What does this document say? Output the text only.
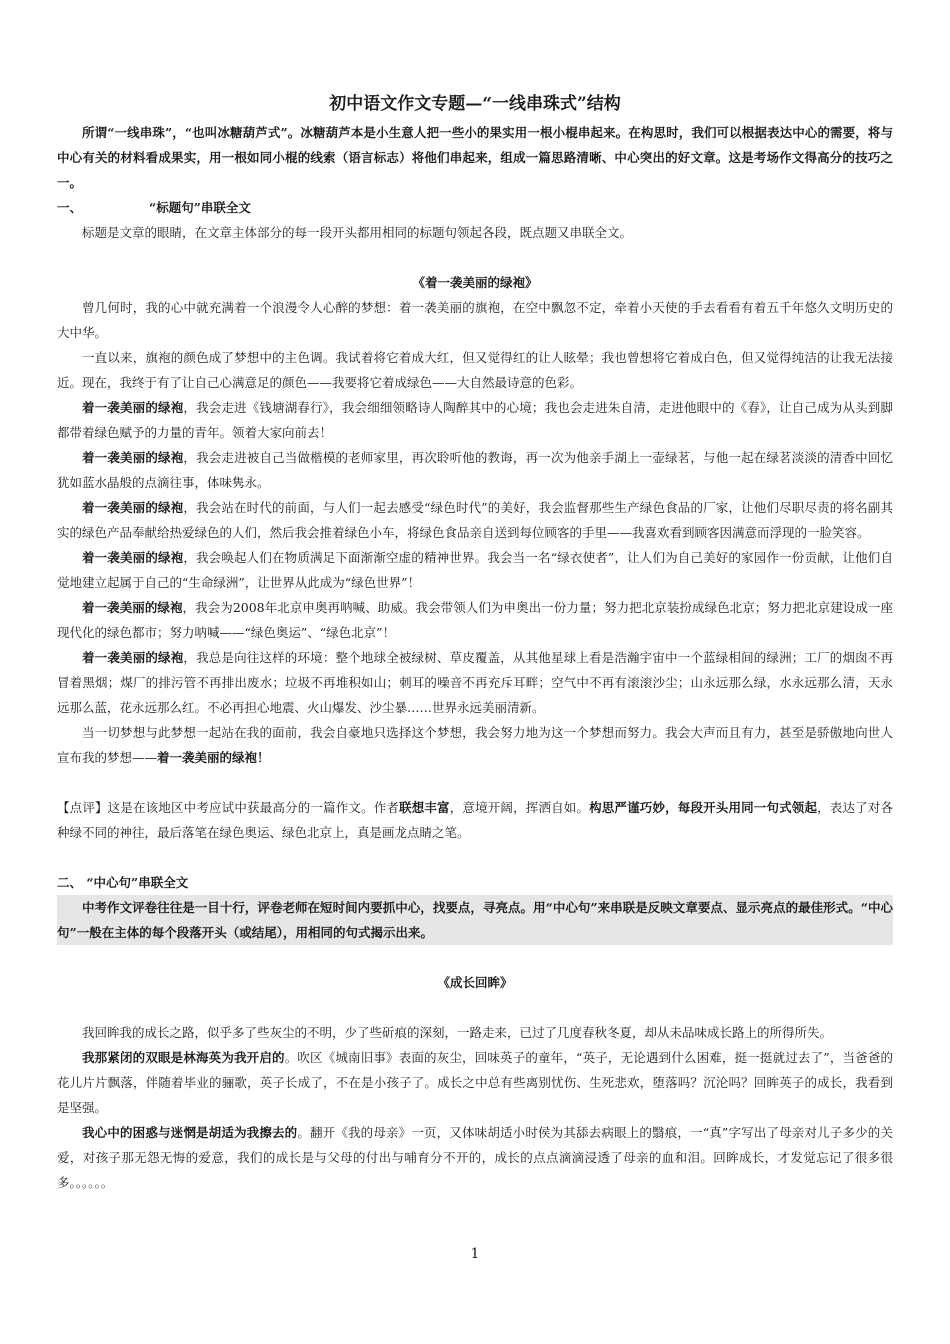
初中语文作文专题—“一线串珠式”结构

所谓“一线串珠”，“也叫冰糖葫芦式”。冰糖葫芦本是小生意人把一些小的果实用一根小棍串起来。在构思时，我们可以根据表达中心的需要，将与中心有关的材料看成果实，用一根如同小棍的线索（语言标志）将他们串起来，组成一篇思路清晰、中心突出的好文章。这是考场作文得高分的技巧之一。

一、	“标题句”串联全文

标题是文章的眼睛，在文章主体部分的每一段开头都用相同的标题句领起各段，既点题又串联全文。

《着一袭美丽的绿袍》

曾几何时，我的心中就充满着一个浪漫令人心醉的梦想：着一袭美丽的旗袍，在空中飘忽不定，牵着小天使的手去看看有着五千年悠久文明历史的大中华。

一直以来，旗袍的颜色成了梦想中的主色调。我试着将它着成大红，但又觉得红的让人眩晕；我也曾想将它着成白色，但又觉得纯洁的让我无法接近。现在，我终于有了让自己心满意足的颜色——我要将它着成绿色——大自然最诗意的色彩。

着一袭美丽的绿袍，我会走进《钱塘湖春行》，我会细细领略诗人陶醉其中的心境；我也会走进朱自清，走进他眼中的《春》，让自己成为从头到脚都带着绿色赋予的力量的青年。领着大家向前去！

着一袭美丽的绿袍，我会走进被自己当做楷模的老师家里，再次聆听他的教诲，再一次为他亲手湖上一壶绿茗，与他一起在绿茗淡淡的清香中回忆犹如蓝水晶般的点滴往事，体味隽永。

着一袭美丽的绿袍，我会站在时代的前面，与人们一起去感受“绿色时代”的美好，我会监督那些生产绿色食品的厂家，让他们尽职尽责的将名副其实的绿色产品奉献给热爱绿色的人们，然后我会推着绿色小车，将绿色食品亲自送到每位顾客的手里——我喜欢看到顾客因满意而浮现的一脸笑容。

着一袭美丽的绿袍，我会唤起人们在物质满足下面渐渐空虚的精神世界。我会当一名“绿衣使者”，让人们为自己美好的家园作一份贡献，让他们自觉地建立起属于自己的“生命绿洲”，让世界从此成为“绿色世界”！

着一袭美丽的绿袍，我会为2008年北京申奥再呐喊、助威。我会带领人们为申奥出一份力量；努力把北京装扮成绿色北京；努力把北京建设成一座现代化的绿色都市；努力呐喊——“绿色奥运”、“绿色北京”！

着一袭美丽的绿袍，我总是向往这样的环境：整个地球全被绿树、草皮覆盖，从其他星球上看是浩瀚宇宙中一个蓝绿相间的绿洲；工厂的烟囱不再冒着黑烟；煤厂的排污管不再排出废水；垃圾不再堆积如山；刺耳的噪音不再充斥耳畔；空气中不再有滚滚沙尘；山永远那么绿，水永远那么清，天永远那么蓝，花永远那么红。不必再担心地震、火山爆发、沙尘暴……世界永远美丽清新。

当一切梦想与此梦想一起站在我的面前，我会自豪地只选择这个梦想，我会努力地为这一个梦想而努力。我会大声而且有力，甚至是骄傲地向世人宣布我的梦想——着一袭美丽的绿袍！

【点评】这是在该地区中考应试中获最高分的一篇作文。作者联想丰富，意境开阔，挥洒自如。构思严谨巧妙，每段开头用同一句式领起，表达了对各种绿不同的神往，最后落笔在绿色奥运、绿色北京上，真是画龙点睛之笔。

二、 “中心句”串联全文

中考作文评卷往往是一目十行，评卷老师在短时间内要抓中心，找要点，寻亮点。用“中心句”来串联是反映文章要点、显示亮点的最佳形式。“中心句”一般在主体的每个段落开头（或结尾），用相同的句式揭示出来。

《成长回眸》

我回眸我的成长之路，似乎多了些灰尘的不明，少了些斫痕的深刻，一路走来，已过了几度春秋冬夏，却从未品味成长路上的所得所失。

我那紧闭的双眼是林海英为我开启的。吹区《城南旧事》表面的灰尘，回味英子的童年，“英子，无论遇到什么困难，挺一挺就过去了”，当爸爸的花儿片片飘落，伴随着毕业的骊歌，英子长成了，不在是小孩子了。成长之中总有些离别忧伤、生死悲欢，堕落吗？沉沦吗？回眸英子的成长，我看到是坚强。

我心中的困惑与迷惘是胡适为我擦去的。翻开《我的母亲》一页，又体味胡适小时侯为其舔去病眼上的翳痕，一“真”字写出了母亲对儿子多少的关爱，对孩子那无怨无悔的爱意，我们的成长是与父母的付出与哺育分不开的，成长的点点滴滴浸透了母亲的血和泪。回眸成长，才发觉忘记了很多很多。。。。。。

1
